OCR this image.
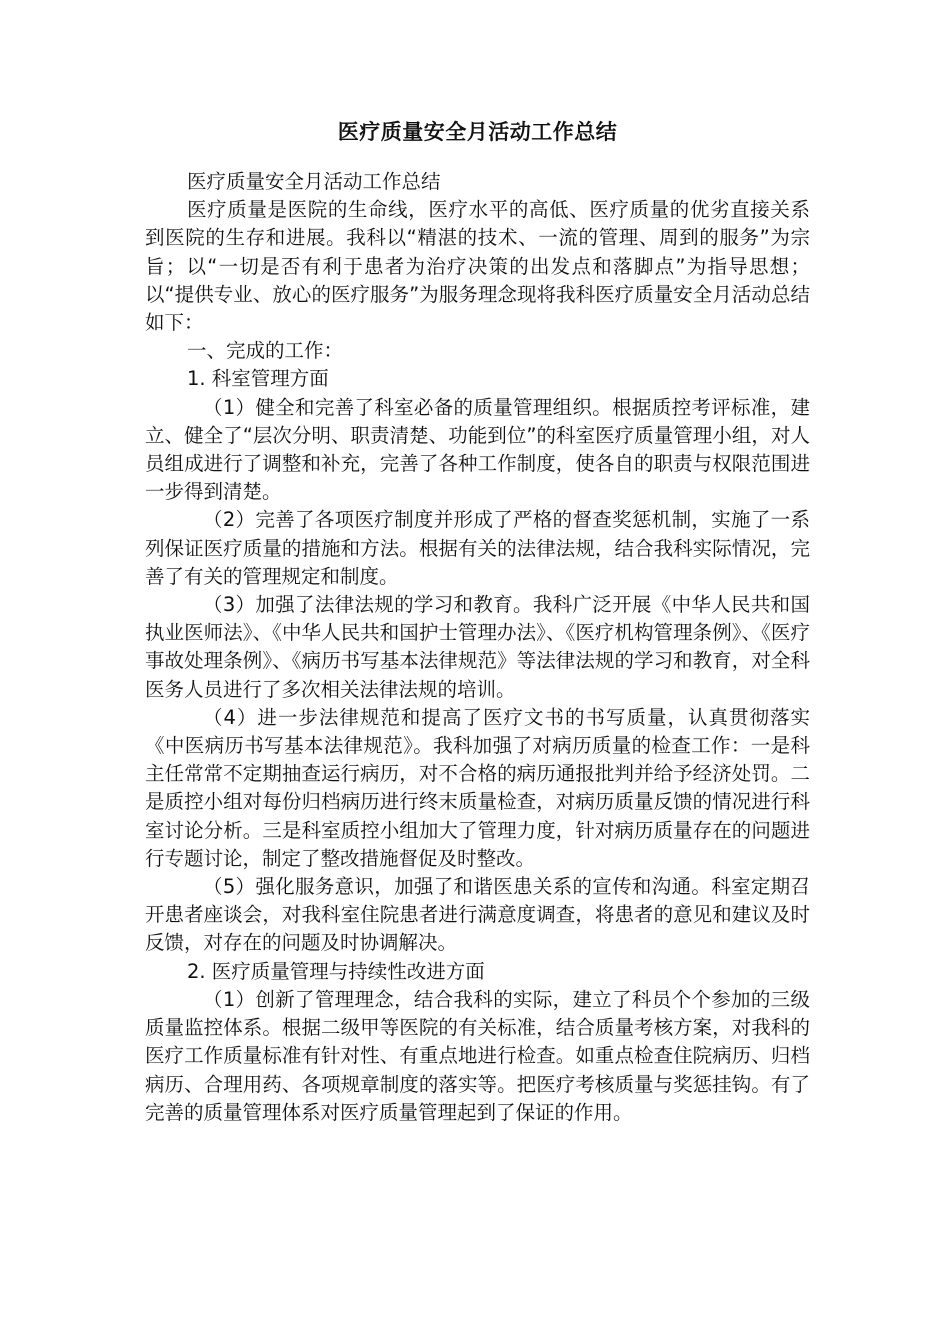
医疗质量安全月活动工作总结

医疗质量安全月活动工作总结

医疗质量是医院的生命线，医疗水平的高低、医疗质量的优劣直接关系到医院的生存和进展。我科以“精湛的技术、一流的管理、周到的服务”为宗旨；以“一切是否有利于患者为治疗决策的出发点和落脚点”为指导思想；以“提供专业、放心的医疗服务”为服务理念现将我科医疗质量安全月活动总结如下：

一、完成的工作：

1. 科室管理方面

（1）健全和完善了科室必备的质量管理组织。根据质控考评标准，建立、健全了“层次分明、职责清楚、功能到位”的科室医疗质量管理小组，对人员组成进行了调整和补充，完善了各种工作制度，使各自的职责与权限范围进一步得到清楚。

（2）完善了各项医疗制度并形成了严格的督查奖惩机制，实施了一系列保证医疗质量的措施和方法。根据有关的法律法规，结合我科实际情况，完善了有关的管理规定和制度。

（3）加强了法律法规的学习和教育。我科广泛开展《中华人民共和国执业医师法》、《中华人民共和国护士管理办法》、《医疗机构管理条例》、《医疗事故处理条例》、《病历书写基本法律规范》等法律法规的学习和教育，对全科医务人员进行了多次相关法律法规的培训。

（4）进一步法律规范和提高了医疗文书的书写质量，认真贯彻落实《中医病历书写基本法律规范》。我科加强了对病历质量的检查工作：一是科主任常常不定期抽查运行病历，对不合格的病历通报批判并给予经济处罚。二是质控小组对每份归档病历进行终末质量检查，对病历质量反馈的情况进行科室讨论分析。三是科室质控小组加大了管理力度，针对病历质量存在的问题进行专题讨论，制定了整改措施督促及时整改。

（5）强化服务意识，加强了和谐医患关系的宣传和沟通。科室定期召开患者座谈会，对我科室住院患者进行满意度调查，将患者的意见和建议及时反馈，对存在的问题及时协调解决。

2. 医疗质量管理与持续性改进方面

（1）创新了管理理念，结合我科的实际，建立了科员个个参加的三级质量监控体系。根据二级甲等医院的有关标准，结合质量考核方案，对我科的医疗工作质量标准有针对性、有重点地进行检查。如重点检查住院病历、归档病历、合理用药、各项规章制度的落实等。把医疗考核质量与奖惩挂钩。有了完善的质量管理体系对医疗质量管理起到了保证的作用。
